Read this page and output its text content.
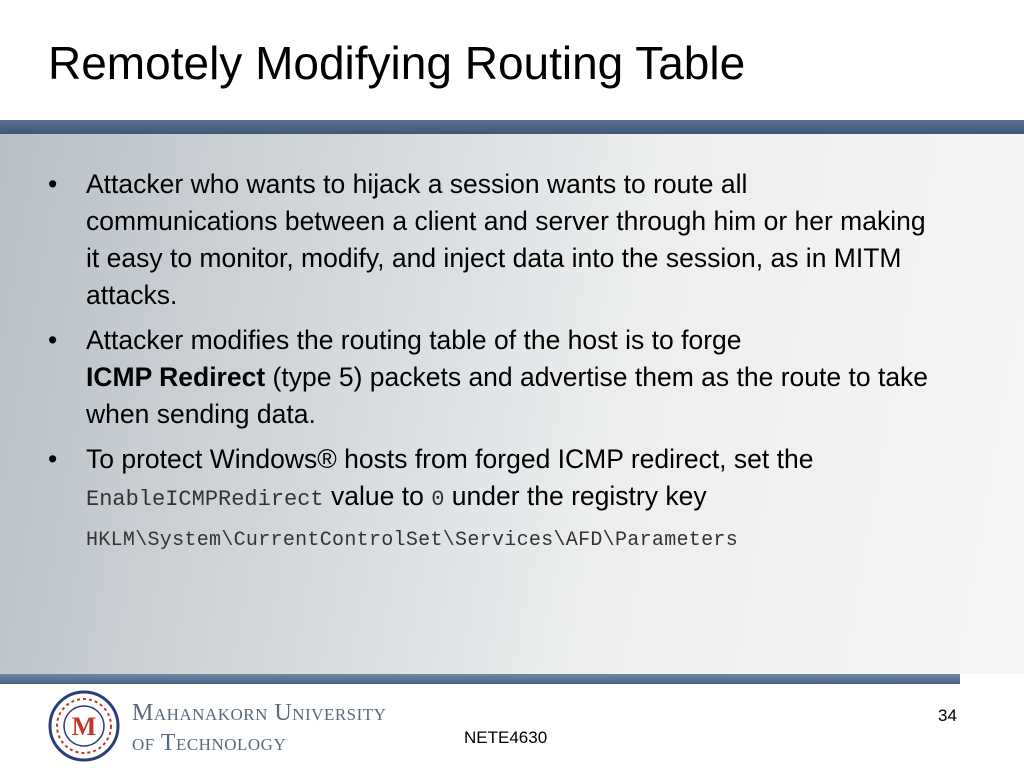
Remotely Modifying Routing Table
• Attacker who wants to hijack a session wants to route all communications between a client and server through him or her making it easy to monitor, modify, and inject data into the session, as in MITM attacks.
• Attacker modifies the routing table of the host is to forge
ICMP Redirect (type 5) packets and advertise them as the route to take when sending data.
• To protect Windows® hosts from forged ICMP redirect, set the EnableICMPRedirect value to 0 under the registry key
HKLM\System\CurrentControlSet\Services\AFD\Parameters
M Mahanakorn University
of Technology	NETE4630
34
